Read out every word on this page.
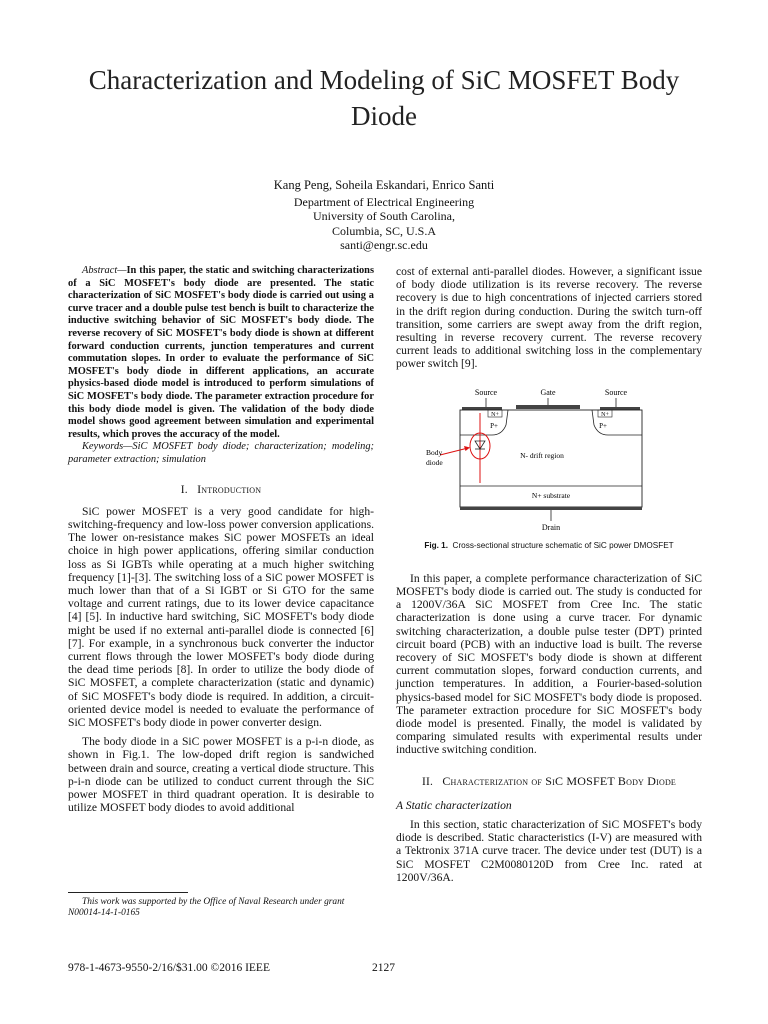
Characterization and Modeling of SiC MOSFET Body Diode
Kang Peng, Soheila Eskandari, Enrico Santi
Department of Electrical Engineering
University of South Carolina,
Columbia, SC, U.S.A
santi@engr.sc.edu

Abstract—In this paper, the static and switching characterizations of a SiC MOSFET's body diode are presented. The static characterization of SiC MOSFET's body diode is carried out using a curve tracer and a double pulse test bench is built to characterize the inductive switching behavior of SiC MOSFET's body diode. The reverse recovery of SiC MOSFET's body diode is shown at different forward conduction currents, junction temperatures and current commutation slopes. In order to evaluate the performance of SiC MOSFET's body diode in different applications, an accurate physics-based diode model is introduced to perform simulations of SiC MOSFET's body diode. The parameter extraction procedure for this body diode model is given. The validation of the body diode model shows good agreement between simulation and experimental results, which proves the accuracy of the model.

Keywords—SiC MOSFET body diode; characterization; modeling; parameter extraction; simulation

I. Introduction

SiC power MOSFET is a very good candidate for high-switching-frequency and low-loss power conversion applications. The lower on-resistance makes SiC power MOSFETs an ideal choice in high power applications, offering similar conduction loss as Si IGBTs while operating at a much higher switching frequency [1]-[3]. The switching loss of a SiC power MOSFET is much lower than that of a Si IGBT or Si GTO for the same voltage and current ratings, due to its lower device capacitance [4] [5]. In inductive hard switching, SiC MOSFET's body diode might be used if no external anti-parallel diode is connected [6] [7]. For example, in a synchronous buck converter the inductor current flows through the lower MOSFET's body diode during the dead time periods [8]. In order to utilize the body diode of SiC MOSFET, a complete characterization (static and dynamic) of SiC MOSFET's body diode is required. In addition, a circuit-oriented device model is needed to evaluate the performance of SiC MOSFET's body diode in power converter design.

The body diode in a SiC power MOSFET is a p-i-n diode, as shown in Fig.1. The low-doped drift region is sandwiched between drain and source, creating a vertical diode structure. This p-i-n diode can be utilized to conduct current through the SiC power MOSFET in third quadrant operation. It is desirable to utilize MOSFET body diodes to avoid additional

cost of external anti-parallel diodes. However, a significant issue of body diode utilization is its reverse recovery. The reverse recovery is due to high concentrations of injected carriers stored in the drift region during conduction. During the switch turn-off transition, some carriers are swept away from the drift region, resulting in reverse recovery current. The reverse recovery current leads to additional switching loss in the complementary power switch [9].

Source	Gate	Source
N+
P+
N+
P+
N- drift region
N+ substrate
Body
diode
Drain
Fig. 1. Cross-sectional structure schematic of SiC power DMOSFET

In this paper, a complete performance characterization of SiC MOSFET's body diode is carried out. The study is conducted for a 1200V/36A SiC MOSFET from Cree Inc. The static characterization is done using a curve tracer. For dynamic switching characterization, a double pulse tester (DPT) printed circuit board (PCB) with an inductive load is built. The reverse recovery of SiC MOSFET's body diode is shown at different current commutation slopes, forward conduction currents, and junction temperatures. In addition, a Fourier-based-solution physics-based model for SiC MOSFET's body diode is proposed. The parameter extraction procedure for SiC MOSFET's body diode model is presented. Finally, the model is validated by comparing simulated results with experimental results under inductive switching condition.

II. Characterization of SiC MOSFET Body Diode
A Static characterization

In this section, static characterization of SiC MOSFET's body diode is described. Static characteristics (I-V) are measured with a Tektronix 371A curve tracer. The device under test (DUT) is a SiC MOSFET C2M0080120D from Cree Inc. rated at 1200V/36A.

This work was supported by the Office of Naval Research under grant N00014-14-1-0165
978-1-4673-9550-2/16/$31.00 ©2016 IEEE	2127
